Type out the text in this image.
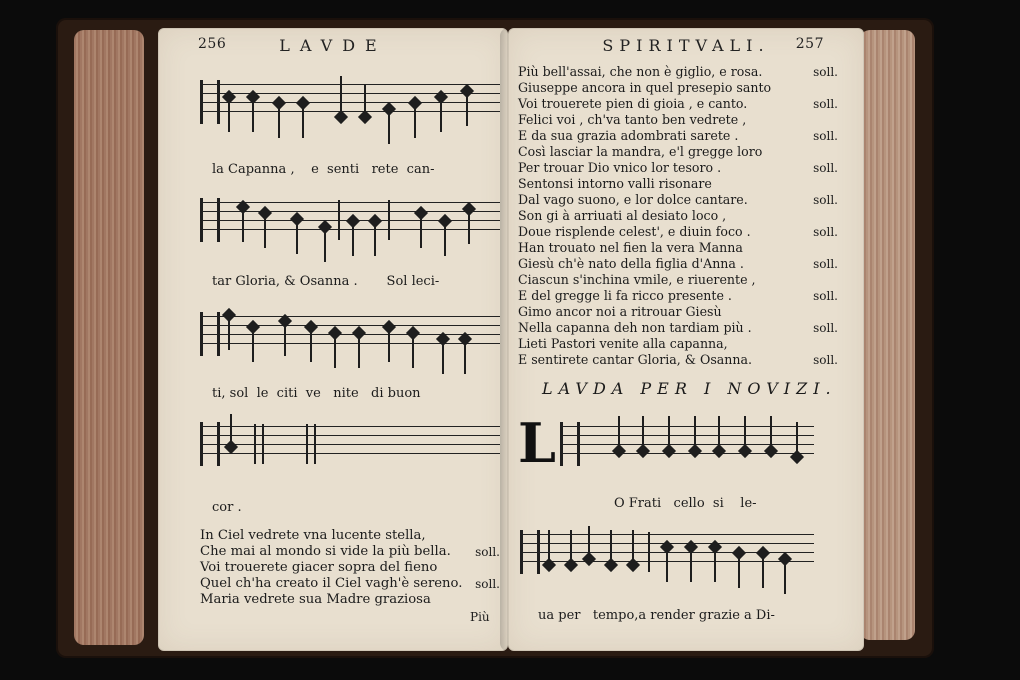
256	LAVDE
la Capanna ,    e  senti   rete  can-
tar Gloria, & Osanna .       Sol leci-
ti, sol  le  citi  ve   nite   di buon
cor .
In Ciel vedrete vna lucente stella,
Che mai al mondo si vide la più bella. soll.
Voi trouerete giacer sopra del fieno
Quel ch'ha creato il Ciel vagh'è sereno. soll.
Maria vedrete sua Madre graziosa
Più
SPIRITVALI.	257
Più bell'assai, che non è giglio, e rosa.	soll.
Giuseppe ancora in quel presepio santo
Voi trouerete pien di gioia , e canto.	soll.
Felici voi , ch'va tanto ben vedrete ,
E da sua grazia adombrati sarete .	soll.
Così lasciar la mandra, e'l gregge loro
Per trouar Dio vnico lor tesoro .	soll.
Sentonsi intorno valli risonare
Dal vago suono, e lor dolce cantare.	soll.
Son gi à arriuati al desiato loco ,
Doue risplende celest', e diuin foco .	soll.
Han trouato nel fien la vera Manna
Giesù ch'è nato della figlia d'Anna .	soll.
Ciascun s'inchina vmile, e riuerente ,
E del gregge li fa ricco presente .	soll.
Gimo ancor noi a ritrouar Giesù
Nella capanna deh non tardiam più .	soll.
Lieti Pastori venite alla capanna,
E sentirete cantar Gloria, & Osanna.	soll.
LAVDA PER I NOVIZI.
L
O Frati   cello  si    le-
ua per   tempo,a render grazie a Di-
